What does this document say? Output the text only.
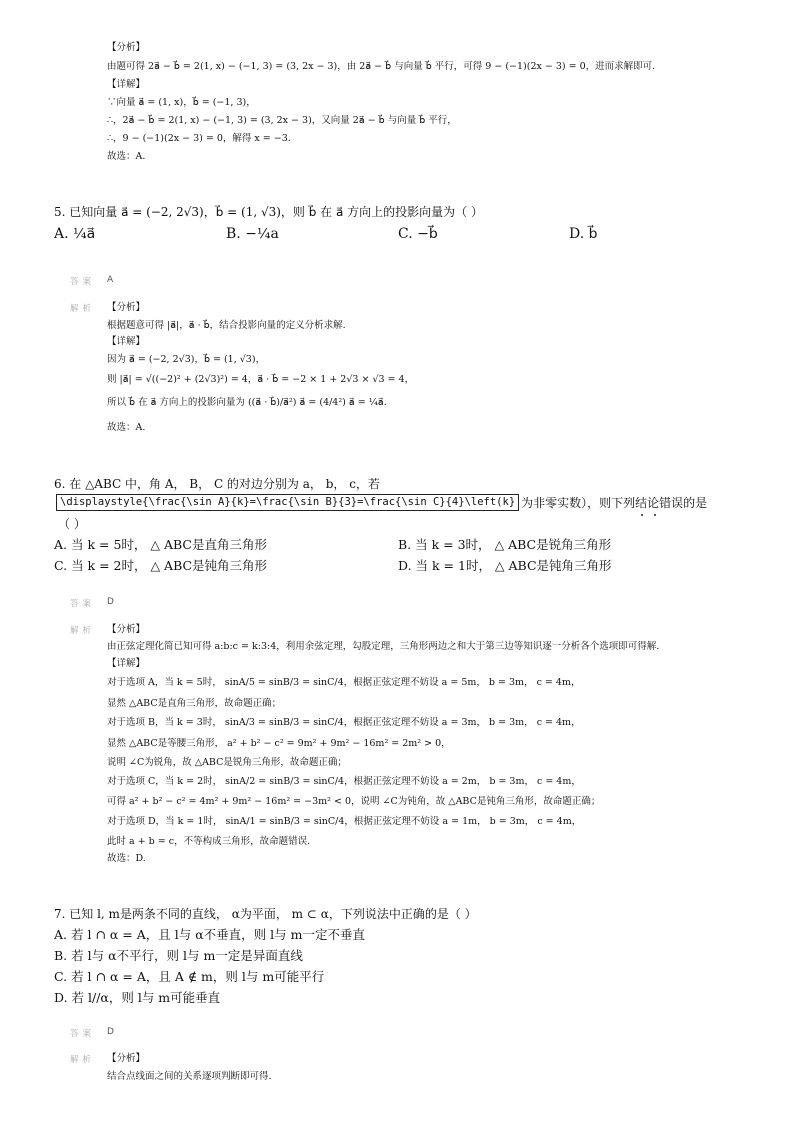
【分析】
由题可得 2a⃗ − b⃗ = 2(1, x) − (−1, 3) = (3, 2x − 3)，由 2a⃗ − b⃗ 与向量 b⃗ 平行，可得 9 − (−1)(2x − 3) = 0，进而求解即可.
【详解】
∵向量 a⃗ = (1, x)，b⃗ = (−1, 3)，
∴，2a⃗ − b⃗ = 2(1, x) − (−1, 3) = (3, 2x − 3)，又向量 2a⃗ − b⃗ 与向量 b⃗ 平行，
∴，9 − (−1)(2x − 3) = 0，解得 x = −3.
故选：A.
5. 已知向量 a⃗ = (−2, 2√3)，b⃗ = (1, √3)，则 b⃗ 在 a⃗ 方向上的投影向量为（ ）
A. ¼a⃗	B. −¼a	C. −b⃗	D. b⃗
答案 A
解析 【分析】
根据题意可得 |a⃗|，a⃗ · b⃗，结合投影向量的定义分析求解.
【详解】
因为 a⃗ = (−2, 2√3)，b⃗ = (1, √3)，
则 |a⃗| = √((−2)² + (2√3)²) = 4，a⃗ · b⃗ = −2 × 1 + 2√3 × √3 = 4，
所以 b⃗ 在 a⃗ 方向上的投影向量为 ((a⃗ · b⃗)/a⃗²) a⃗ = (4/4²) a⃗ = ¼a⃗.
故选：A.
6. 在 △ABC 中，角 A， B， C 的对边分别为 a， b， c，若
\displaystyle{\frac{\sin A}{k}=\frac{\sin B}{3}=\frac{\sin C}{4}\left(k} 为非零实数），则下列结论错误的是
（ ）
A. 当 k = 5时， △ ABC是直角三角形	B. 当 k = 3时， △ ABC是锐角三角形
C. 当 k = 2时， △ ABC是钝角三角形	D. 当 k = 1时， △ ABC是钝角三角形
答案 D
解析 【分析】
由正弦定理化简已知可得 a:b:c = k:3:4，利用余弦定理，勾股定理，三角形两边之和大于第三边等知识逐一分析各个选项即可得解.
【详解】
对于选项 A，当 k = 5时， sinA/5 = sinB/3 = sinC/4，根据正弦定理不妨设 a = 5m， b = 3m， c = 4m，
显然 △ABC是直角三角形，故命题正确；
对于选项 B，当 k = 3时， sinA/3 = sinB/3 = sinC/4，根据正弦定理不妨设 a = 3m， b = 3m， c = 4m，
显然 △ABC是等腰三角形， a² + b² − c² = 9m² + 9m² − 16m² = 2m² > 0，
说明 ∠C为锐角，故 △ABC是锐角三角形，故命题正确；
对于选项 C，当 k = 2时， sinA/2 = sinB/3 = sinC/4，根据正弦定理不妨设 a = 2m， b = 3m， c = 4m，
可得 a² + b² − c² = 4m² + 9m² − 16m² = −3m² < 0，说明 ∠C为钝角，故 △ABC是钝角三角形，故命题正确；
对于选项 D，当 k = 1时， sinA/1 = sinB/3 = sinC/4，根据正弦定理不妨设 a = 1m， b = 3m， c = 4m，
此时 a + b = c，不等构成三角形，故命题错误.
故选：D.
7. 已知 l, m是两条不同的直线， α为平面， m ⊂ α，下列说法中正确的是（ ）
A. 若 l ∩ α = A，且 l与 α不垂直，则 l与 m一定不垂直
B. 若 l与 α不平行，则 l与 m一定是异面直线
C. 若 l ∩ α = A，且 A ∉ m，则 l与 m可能平行
D. 若 l//α，则 l与 m可能垂直
答案 D
解析 【分析】
结合点线面之间的关系逐项判断即可得.
